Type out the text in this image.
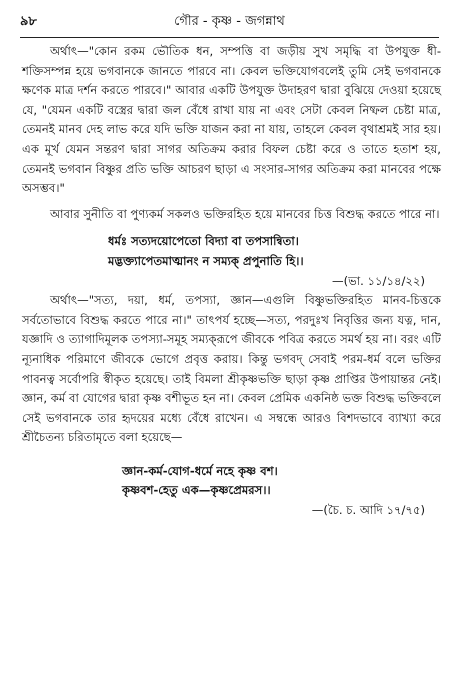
৯৮	গৌর - কৃষ্ণ - জগন্নাথ

অর্থাৎ—"কোন রকম ভৌতিক ধন, সম্পত্তি বা জড়ীয় সুখ সমৃদ্ধি বা উপযুক্ত ধী-শক্তিসম্পন্ন হয়ে ভগবানকে জানতে পারবে না। কেবল ভক্তিযোগবলেই তুমি সেই ভগবানকে ক্ষণেক মাত্র দর্শন করতে পারবে।" আবার একটি উপযুক্ত উদাহরণ দ্বারা বুঝিয়ে দেওয়া হয়েছে যে, "যেমন একটি বস্ত্রের দ্বারা জল বেঁধে রাখা যায় না এবং সেটা কেবল নিষ্ফল চেষ্টা মাত্র, তেমনই মানব দেহ লাভ করে যদি ভক্তি যাজন করা না যায়, তাহলে কেবল বৃথাশ্রমই সার হয়। এক মূর্খ যেমন সন্তরণ দ্বারা সাগর অতিক্রম করার বিফল চেষ্টা করে ও তাতে হতাশ হয়, তেমনই ভগবান বিষ্ণুর প্রতি ভক্তি আচরণ ছাড়া এ সংসার-সাগর অতিক্রম করা মানবের পক্ষে অসম্ভব।"

আবার সুনীতি বা পুণ্যকর্ম সকলও ভক্তিরহিত হয়ে মানবের চিত্ত বিশুদ্ধ করতে পারে না।

ধর্মঃ সত্যদয়োপেতো বিদ্যা বা তপসান্বিতা।
মদ্ভক্ত্যাপেতমাত্মানং ন সম্যক্ প্রপুনাতি হি।।
—(ভা. ১১/১৪/২২)

অর্থাৎ—"সত্য, দয়া, ধর্ম, তপস্যা, জ্ঞান—এগুলি বিষ্ণুভক্তিরহিত মানব-চিত্তকে সর্বতোভাবে বিশুদ্ধ করতে পারে না।" তাৎপর্য হচ্ছে—সত্য, পরদুঃখ নিবৃত্তির জন্য যত্ন, দান, যজ্ঞাদি ও ত্যাগাদিমূলক তপস্যা-সমূহ সম্যক্‌রূপে জীবকে পবিত্র করতে সমর্থ হয় না। বরং এটি ন্যূনাধিক পরিমাণে জীবকে ভোগে প্রবৃত্ত করায়। কিন্তু ভগবদ্ সেবাই পরম-ধর্ম বলে ভক্তির পাবনত্ব সর্বোপরি স্বীকৃত হয়েছে। তাই বিমলা শ্রীকৃষ্ণভক্তি ছাড়া কৃষ্ণ প্রাপ্তির উপায়ান্তর নেই। জ্ঞান, কর্ম বা যোগের দ্বারা কৃষ্ণ বশীভূত হন না। কেবল প্রেমিক একনিষ্ঠ ভক্ত বিশুদ্ধ ভক্তিবলে সেই ভগবানকে তার হৃদয়ের মধ্যে বেঁধে রাখেন। এ সম্বন্ধে আরও বিশদভাবে ব্যাখ্যা করে শ্রীচৈতন্য চরিতামৃতে বলা হয়েছে—

জ্ঞান-কর্ম-যোগ-ধর্মে নহে কৃষ্ণ বশ।
কৃষ্ণবশ-হেতু এক—কৃষ্ণপ্রেমরস।।
—(চৈ. চ. আদি ১৭/৭৫)
